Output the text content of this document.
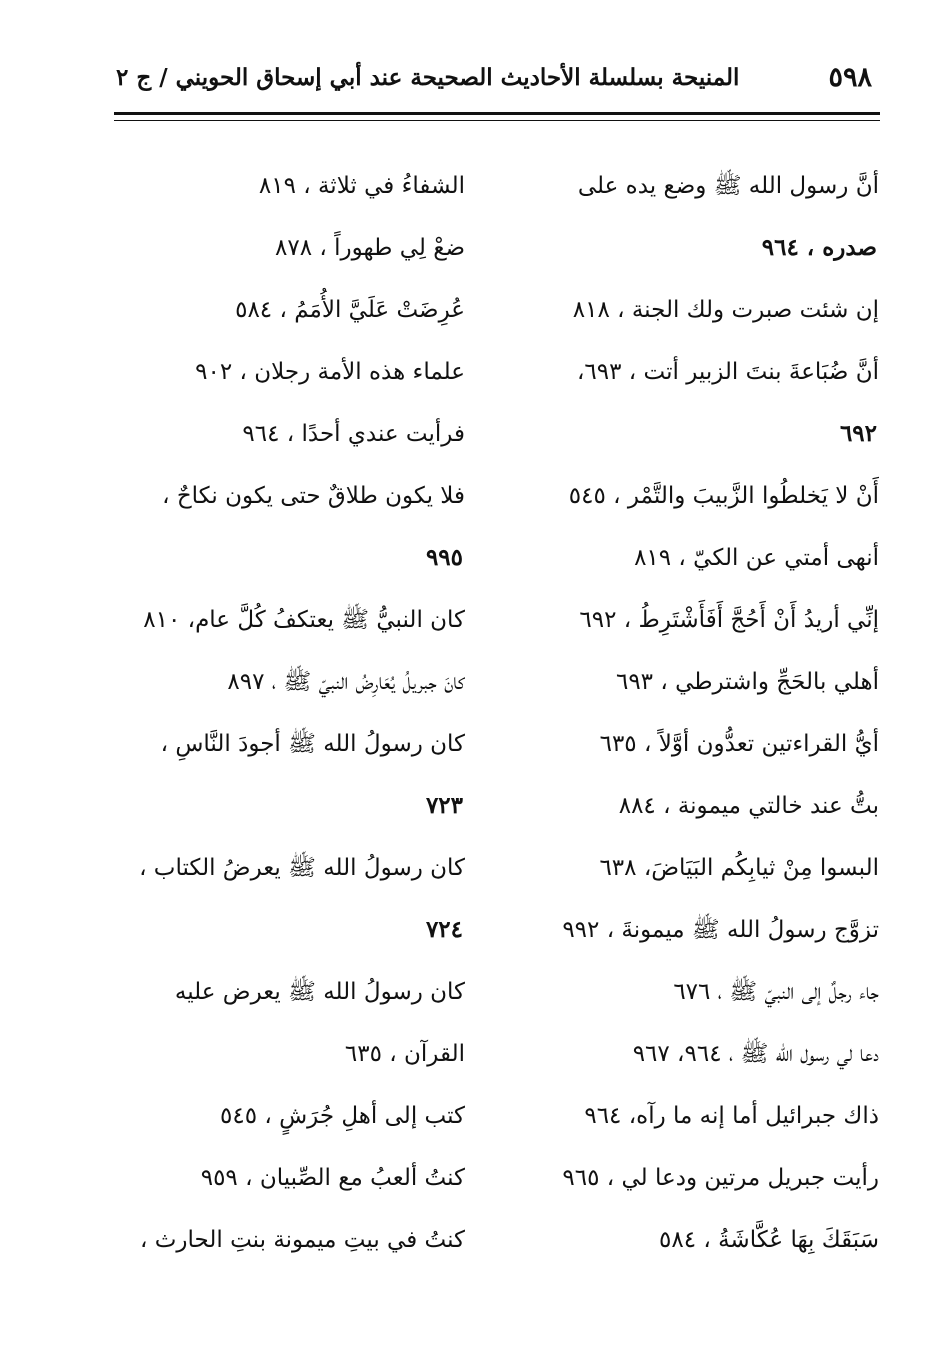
٥٩٨
المنيحة بسلسلة الأحاديث الصحيحة عند أبي إسحاق الحويني / ج ٢
أنَّ رسول الله ﷺ وضع يده على
صدره ، ٩٦٤
إن شئت صبرت ولك الجنة ، ٨١٨
أنَّ ضُبَاعةَ بنتَ الزبير أتت ، ٦٩٣،
٦٩٢
أَنْ لا يَخلطُوا الزَّبيبَ والتَّمْر ، ٥٤٥
أنهى أمتي عن الكيّ ، ٨١٩
إنِّي أريدُ أَنْ أَحُجَّ أَفَأَشْتَرِطُ ، ٦٩٢
أهلي بالحَجِّ واشترطي ، ٦٩٣
أيُّ القراءتين تعدُّون أوَّلاً ، ٦٣٥
بتُّ عند خالتي ميمونة ، ٨٨٤
البسوا مِنْ ثيابِكُم البَيَاضَ، ٦٣٨
تزوَّج رسولُ الله ﷺ ميمونةَ ، ٩٩٢
جاء رجلٌ إلى النبيّ ﷺ ، ٦٧٦
دعا لي رسول الله ﷺ ، ٩٦٤، ٩٦٧
ذاك جبرائيل أما إنه ما رآه، ٩٦٤
رأيت جبريل مرتين ودعا لي ، ٩٦٥
سَبَقَكَ بِهَا عُكَّاشَةُ ، ٥٨٤
الشفاءُ في ثلاثة ، ٨١٩
ضعْ لِي طهوراً ، ٨٧٨
عُرِضَتْ عَلَيَّ الأُمَمُ ، ٥٨٤
علماء هذه الأمة رجلان ، ٩٠٢
فرأيت عندي أحدًا ، ٩٦٤
فلا يكون طلاقٌ حتى يكون نكاحٌ ،
٩٩٥
كان النبيُّ ﷺ يعتكفُ كُلَّ عام، ٨١٠
كانَ جبريلُ يُعَارِضُ النبيّ ﷺ ، ٨٩٧
كان رسولُ الله ﷺ أجودَ النَّاسِ ،
٧٢٣
كان رسولُ الله ﷺ يعرضُ الكتاب ،
٧٢٤
كان رسولُ الله ﷺ يعرض عليه
القرآن ، ٦٣٥
كتب إلى أهلِ جُرَشٍ ، ٥٤٥
كنتُ ألعبُ مع الصِّبيان ، ٩٥٩
كنتُ في بيتِ ميمونة بنتِ الحارث ،
